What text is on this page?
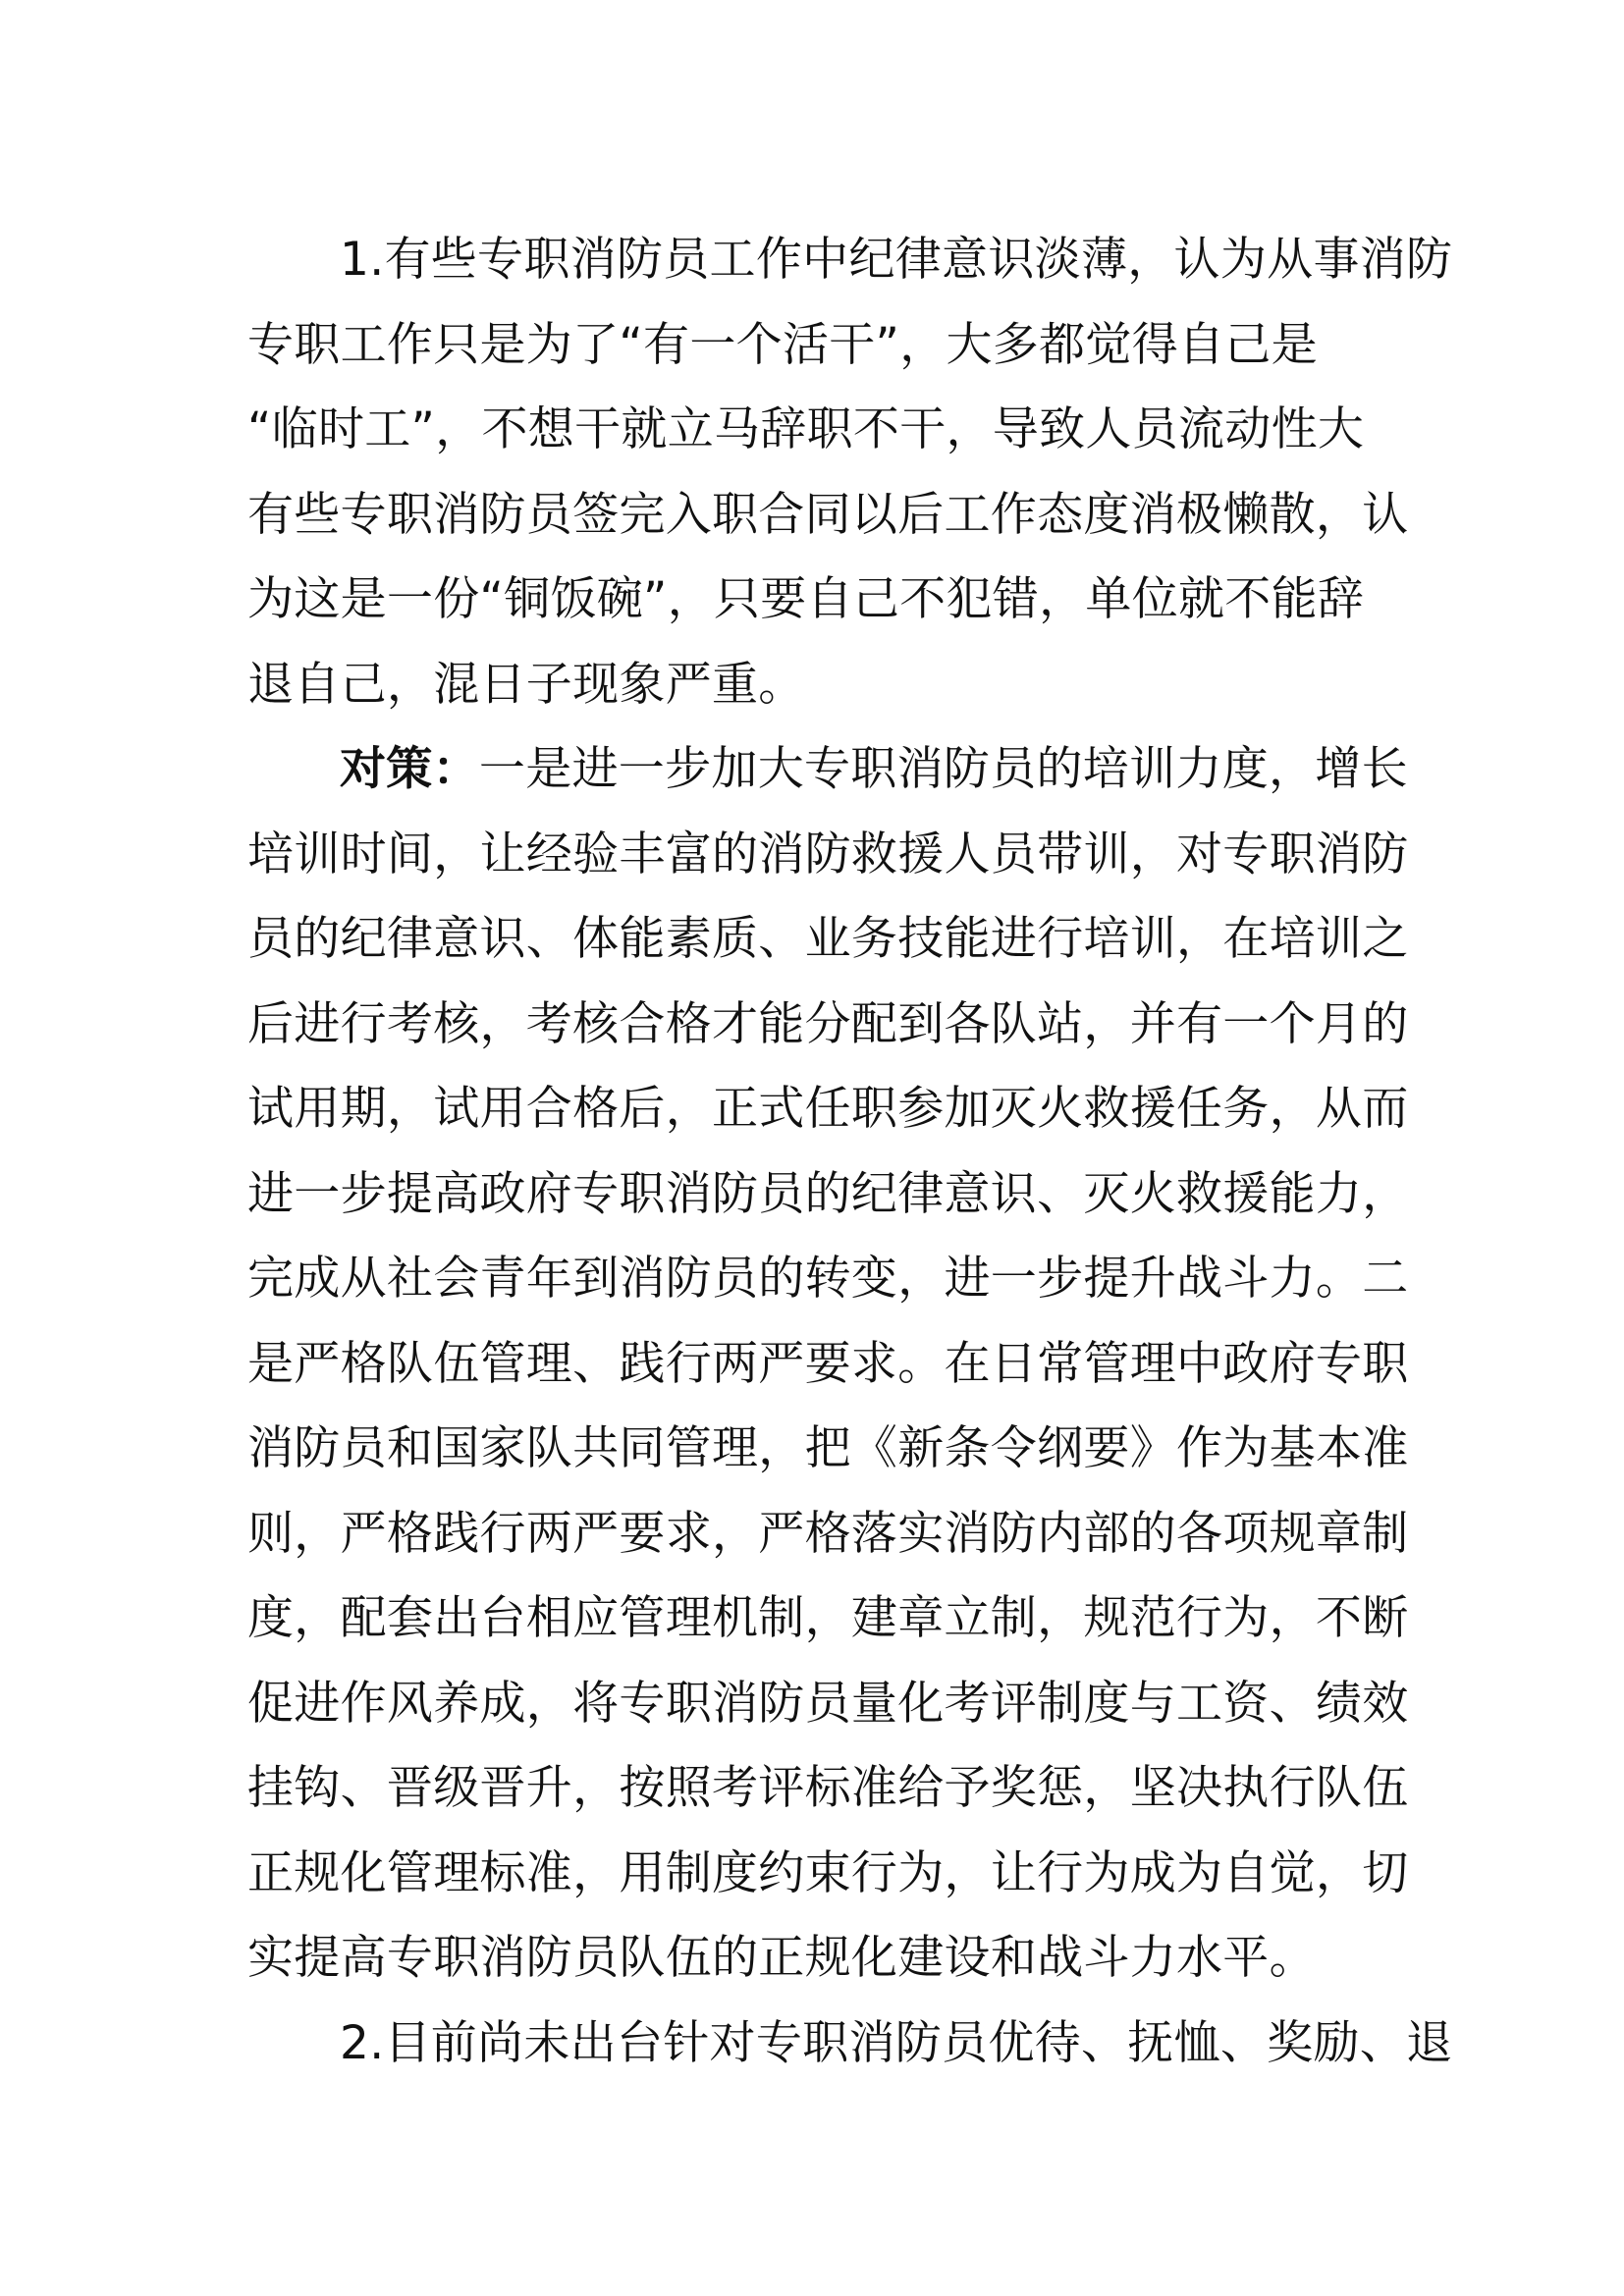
1.有些专职消防员工作中纪律意识淡薄，认为从事消防
专职工作只是为了“有一个活干”，大多都觉得自己是
“临时工”，不想干就立马辞职不干，导致人员流动性大
有些专职消防员签完入职合同以后工作态度消极懒散，认
为这是一份“铜饭碗”，只要自己不犯错，单位就不能辞
退自己，混日子现象严重。
对策：一是进一步加大专职消防员的培训力度，增长
培训时间，让经验丰富的消防救援人员带训，对专职消防
员的纪律意识、体能素质、业务技能进行培训，在培训之
后进行考核，考核合格才能分配到各队站，并有一个月的
试用期，试用合格后，正式任职参加灭火救援任务，从而
进一步提高政府专职消防员的纪律意识、灭火救援能力，
完成从社会青年到消防员的转变，进一步提升战斗力。二
是严格队伍管理、践行两严要求。在日常管理中政府专职
消防员和国家队共同管理，把《新条令纲要》作为基本准
则，严格践行两严要求，严格落实消防内部的各项规章制
度，配套出台相应管理机制，建章立制，规范行为，不断
促进作风养成，将专职消防员量化考评制度与工资、绩效
挂钩、晋级晋升，按照考评标准给予奖惩，坚决执行队伍
正规化管理标准，用制度约束行为，让行为成为自觉，切
实提高专职消防员队伍的正规化建设和战斗力水平。
2.目前尚未出台针对专职消防员优待、抚恤、奖励、退
